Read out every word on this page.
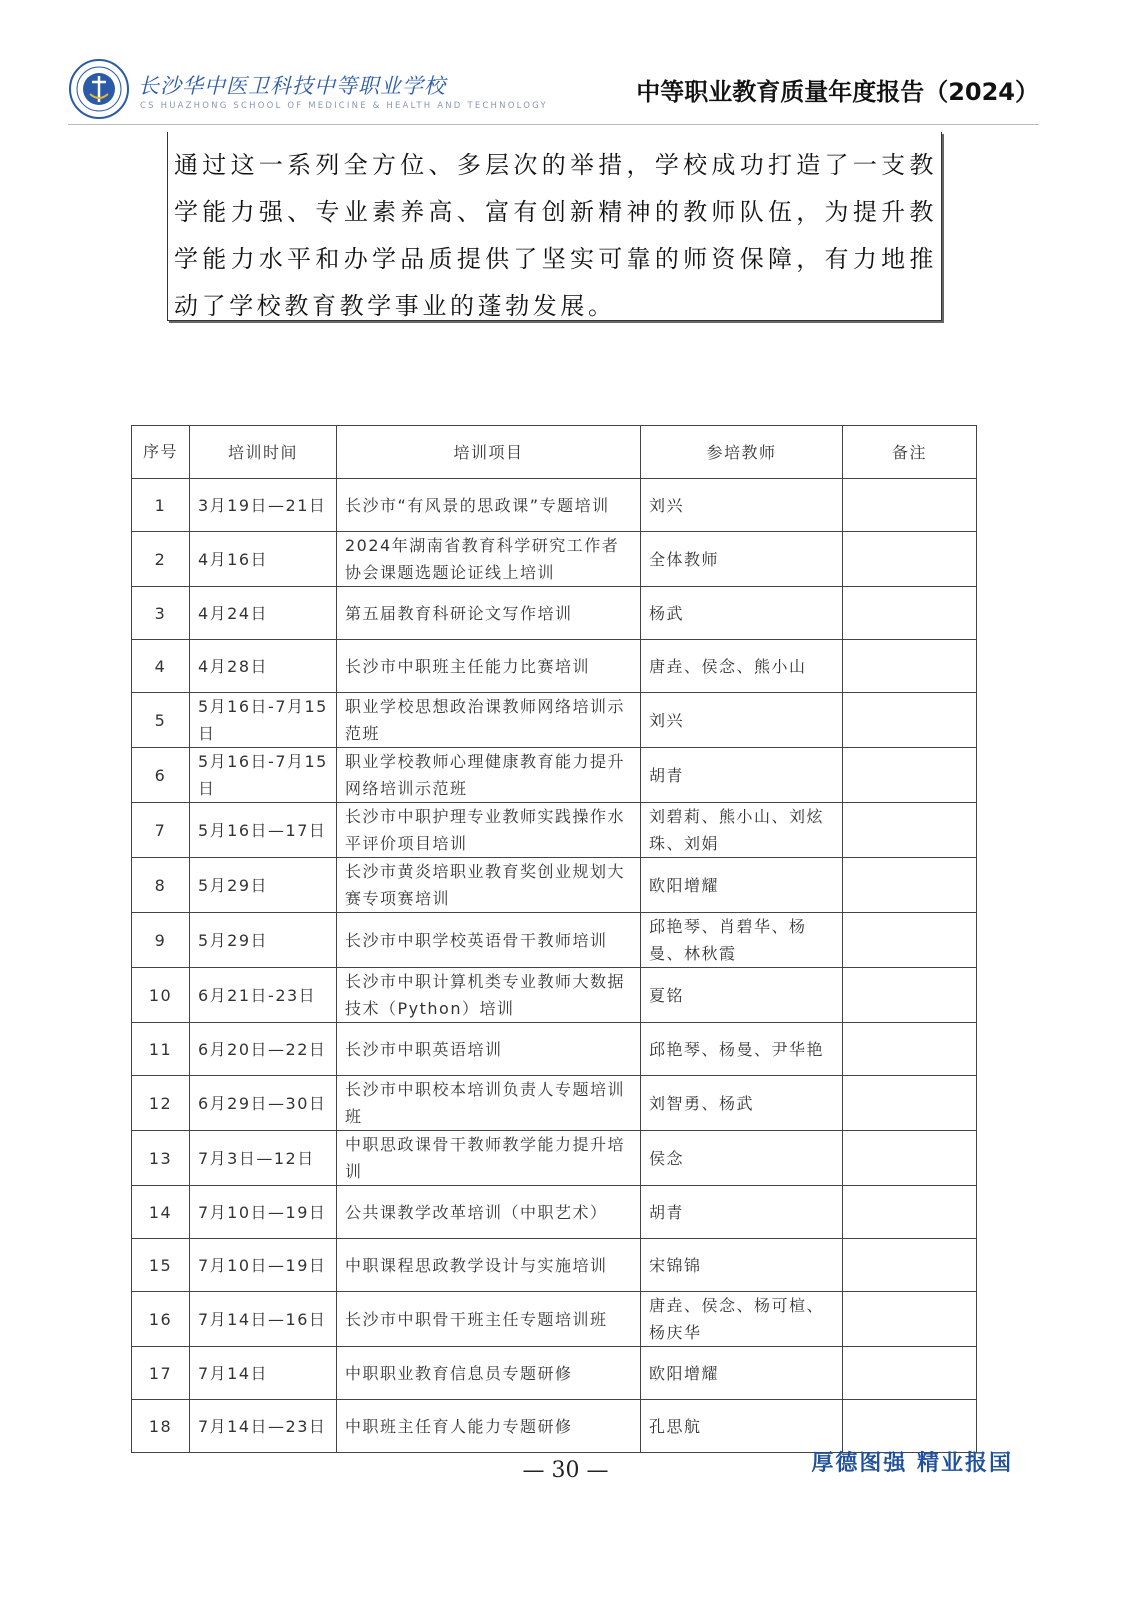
长沙华中医卫科技中等职业学校
CS HUAZHONG SCHOOL OF MEDICINE & HEALTH AND TECHNOLOGY	中等职业教育质量年度报告（2024）

通过这一系列全方位、多层次的举措，学校成功打造了一支教学能力强、专业素养高、富有创新精神的教师队伍，为提升教学能力水平和办学品质提供了坚实可靠的师资保障，有力地推动了学校教育教学事业的蓬勃发展。

序号	培训时间	培训项目	参培教师	备注
1	3月19日—21日	长沙市“有风景的思政课”专题培训	刘兴	
2	4月16日	2024年湖南省教育科学研究工作者协会课题选题论证线上培训	全体教师	
3	4月24日	第五届教育科研论文写作培训	杨武	
4	4月28日	长沙市中职班主任能力比赛培训	唐垚、侯念、熊小山	
5	5月16日-7月15日	职业学校思想政治课教师网络培训示范班	刘兴	
6	5月16日-7月15日	职业学校教师心理健康教育能力提升网络培训示范班	胡青	
7	5月16日—17日	长沙市中职护理专业教师实践操作水平评价项目培训	刘碧莉、熊小山、刘炫珠、刘娟	
8	5月29日	长沙市黄炎培职业教育奖创业规划大赛专项赛培训	欧阳增耀	
9	5月29日	长沙市中职学校英语骨干教师培训	邱艳琴、肖碧华、杨曼、林秋霞	
10	6月21日-23日	长沙市中职计算机类专业教师大数据技术（Python）培训	夏铭	
11	6月20日—22日	长沙市中职英语培训	邱艳琴、杨曼、尹华艳	
12	6月29日—30日	长沙市中职校本培训负责人专题培训班	刘智勇、杨武	
13	7月3日—12日	中职思政课骨干教师教学能力提升培训	侯念	
14	7月10日—19日	公共课教学改革培训（中职艺术）	胡青	
15	7月10日—19日	中职课程思政教学设计与实施培训	宋锦锦	
16	7月14日—16日	长沙市中职骨干班主任专题培训班	唐垚、侯念、杨可楦、杨庆华	
17	7月14日	中职职业教育信息员专题研修	欧阳增耀	
18	7月14日—23日	中职班主任育人能力专题研修	孔思航	
— 30 —	厚德图强 精业报国
